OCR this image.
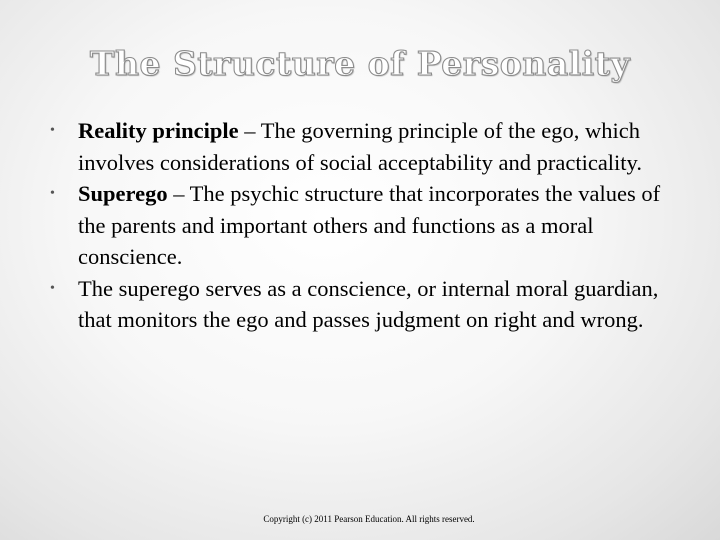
The Structure of Personality
•	Reality principle – The governing principle of the ego, which involves considerations of social acceptability and practicality.
•	Superego – The psychic structure that incorporates the values of the parents and important others and functions as a moral conscience.
•	The superego serves as a conscience, or internal moral guardian, that monitors the ego and passes judgment on right and wrong.
Copyright (c) 2011 Pearson Education. All rights reserved.
